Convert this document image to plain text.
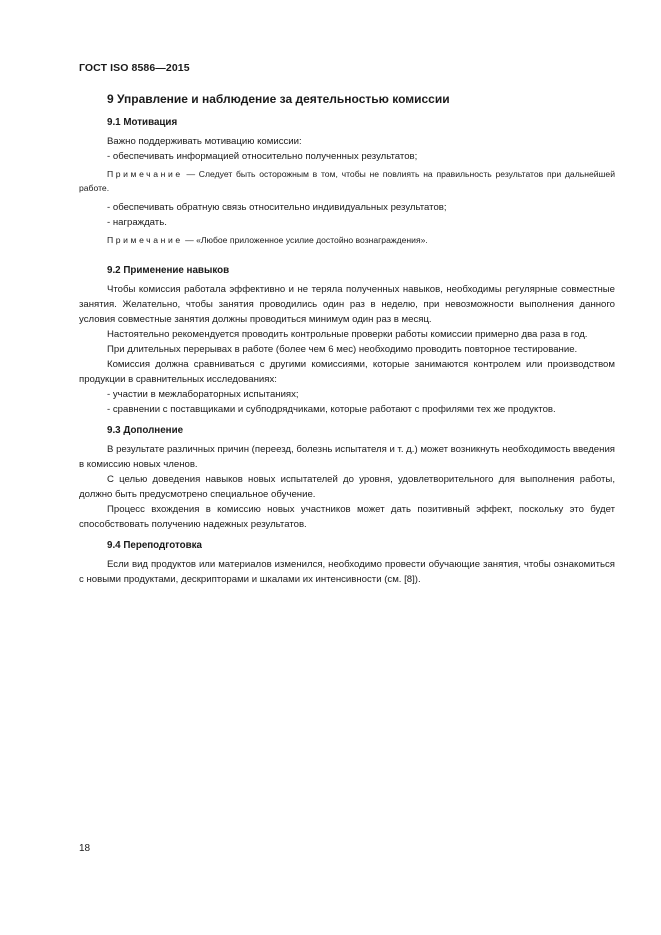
ГОСТ ISO 8586—2015
9 Управление и наблюдение за деятельностью комиссии
9.1 Мотивация

Важно поддерживать мотивацию комиссии:

- обеспечивать информацией относительно полученных результатов;

Примечание — Следует быть осторожным в том, чтобы не повлиять на правильность результатов при дальнейшей работе.

- обеспечивать обратную связь относительно индивидуальных результатов;

- награждать.

Примечание — «Любое приложенное усилие достойно вознаграждения».

9.2 Применение навыков

Чтобы комиссия работала эффективно и не теряла полученных навыков, необходимы регулярные совместные занятия. Желательно, чтобы занятия проводились один раз в неделю, при невозможности выполнения данного условия совместные занятия должны проводиться минимум один раз в месяц.

Настоятельно рекомендуется проводить контрольные проверки работы комиссии примерно два раза в год.

При длительных перерывах в работе (более чем 6 мес) необходимо проводить повторное тестирование.

Комиссия должна сравниваться с другими комиссиями, которые занимаются контролем или производством продукции в сравнительных исследованиях:

- участии в межлабораторных испытаниях;

- сравнении с поставщиками и субподрядчиками, которые работают с профилями тех же продуктов.

9.3 Дополнение

В результате различных причин (переезд, болезнь испытателя и т. д.) может возникнуть необходимость введения в комиссию новых членов.

С целью доведения навыков новых испытателей до уровня, удовлетворительного для выполнения работы, должно быть предусмотрено специальное обучение.

Процесс вхождения в комиссию новых участников может дать позитивный эффект, поскольку это будет способствовать получению надежных результатов.

9.4 Переподготовка

Если вид продуктов или материалов изменился, необходимо провести обучающие занятия, чтобы ознакомиться с новыми продуктами, дескрипторами и шкалами их интенсивности (см. [8]).

18
